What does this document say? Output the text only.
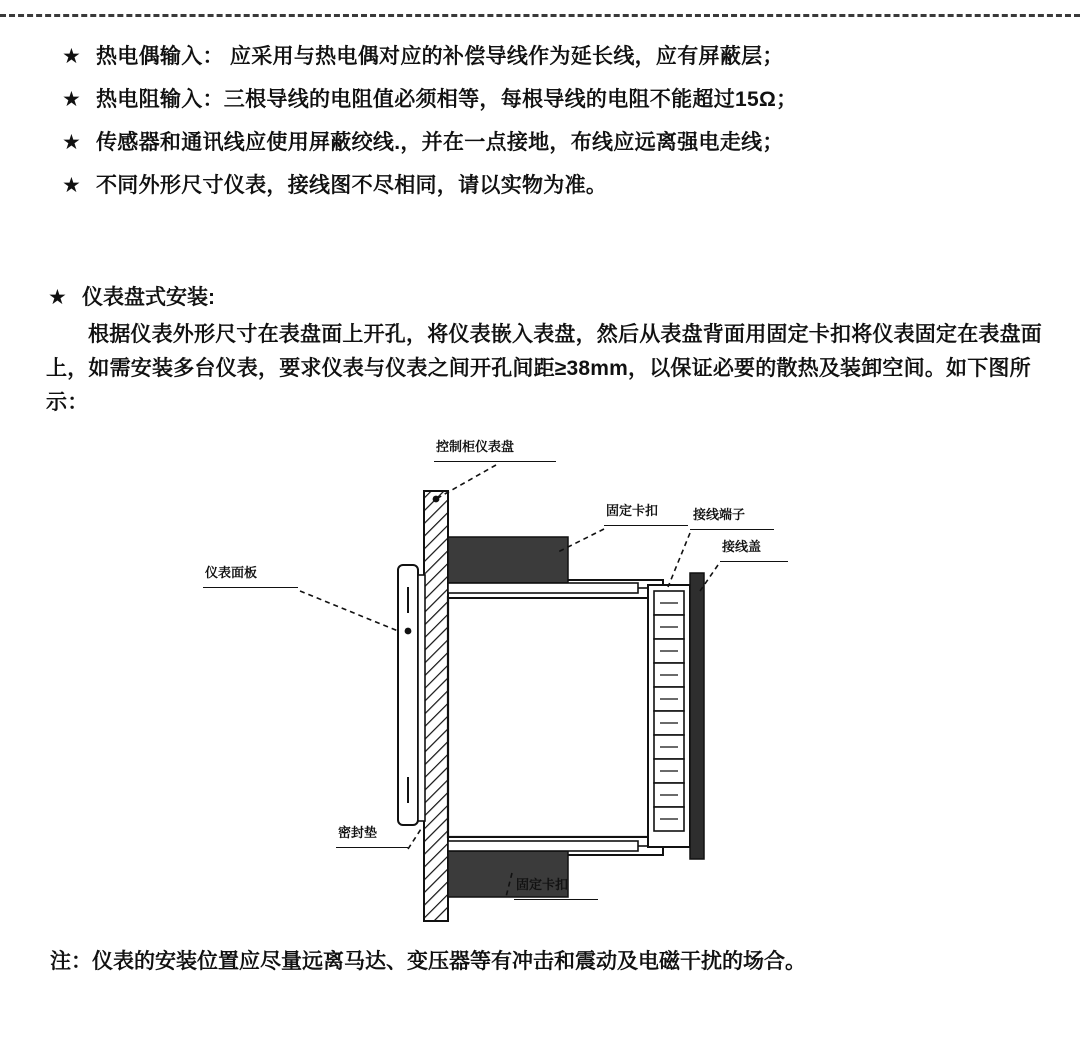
★ 热电偶输入： 应采用与热电偶对应的补偿导线作为延长线，应有屏蔽层；
★ 热电阻输入：三根导线的电阻值必须相等，每根导线的电阻不能超过15Ω；
★ 传感器和通讯线应使用屏蔽绞线.，并在一点接地，布线应远离强电走线；
★ 不同外形尺寸仪表，接线图不尽相同，请以实物为准。
★ 仪表盘式安装:
根据仪表外形尺寸在表盘面上开孔，将仪表嵌入表盘，然后从表盘背面用固定卡扣将仪表固定在表盘面上，如需安装多台仪表，要求仪表与仪表之间开孔间距≥38mm，以保证必要的散热及装卸空间。如下图所示：
控制柜仪表盘
固定卡扣	接线端子
仪表面板
接线盖
密封垫
固定卡扣
注：仪表的安装位置应尽量远离马达、变压器等有冲击和震动及电磁干扰的场合。
